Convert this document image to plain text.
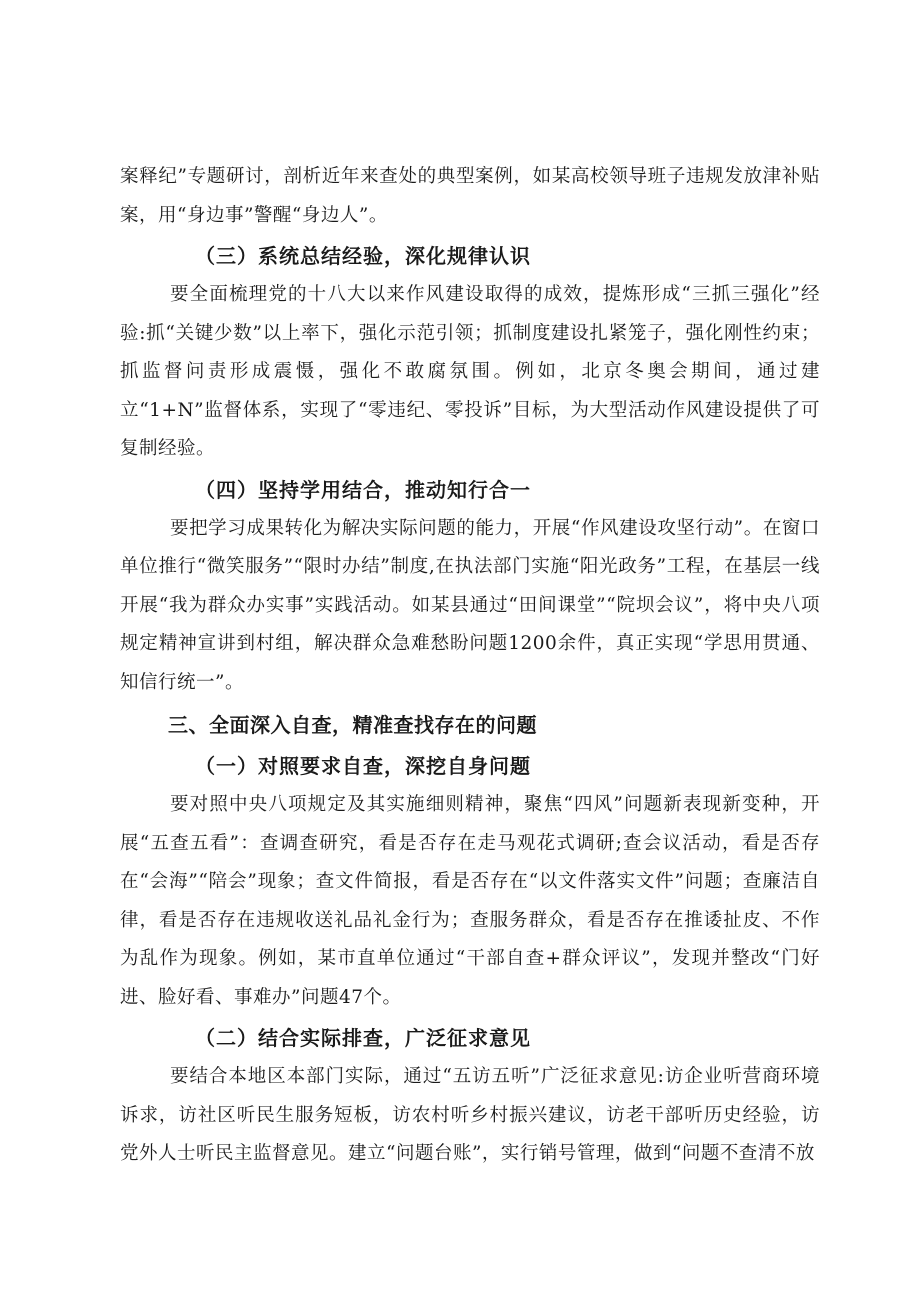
案释纪”专题研讨，剖析近年来查处的典型案例，如某高校领导班子违规发放津补贴案，用“身边事”警醒“身边人”。

（三）系统总结经验，深化规律认识

要全面梳理党的十八大以来作风建设取得的成效，提炼形成“三抓三强化”经验:抓“关键少数”以上率下，强化示范引领；抓制度建设扎紧笼子，强化刚性约束；抓监督问责形成震慑，强化不敢腐氛围。例如，北京冬奥会期间，通过建立“1+N”监督体系，实现了“零违纪、零投诉”目标，为大型活动作风建设提供了可复制经验。

（四）坚持学用结合，推动知行合一

要把学习成果转化为解决实际问题的能力，开展“作风建设攻坚行动”。在窗口单位推行“微笑服务”“限时办结”制度,在执法部门实施“阳光政务”工程，在基层一线开展“我为群众办实事”实践活动。如某县通过“田间课堂”“院坝会议”，将中央八项规定精神宣讲到村组，解决群众急难愁盼问题1200余件，真正实现“学思用贯通、知信行统一”。

三、全面深入自查，精准查找存在的问题
（一）对照要求自查，深挖自身问题

要对照中央八项规定及其实施细则精神，聚焦“四风”问题新表现新变种，开展“五查五看”：查调查研究，看是否存在走马观花式调研;查会议活动，看是否存在“会海”“陪会”现象；查文件简报，看是否存在“以文件落实文件”问题；查廉洁自律，看是否存在违规收送礼品礼金行为；查服务群众，看是否存在推诿扯皮、不作为乱作为现象。例如，某市直单位通过“干部自查+群众评议”，发现并整改“门好进、脸好看、事难办”问题47个。

（二）结合实际排查，广泛征求意见

要结合本地区本部门实际，通过“五访五听”广泛征求意见:访企业听营商环境诉求，访社区听民生服务短板，访农村听乡村振兴建议，访老干部听历史经验，访党外人士听民主监督意见。建立“问题台账”，实行销号管理，做到“问题不查清不放
